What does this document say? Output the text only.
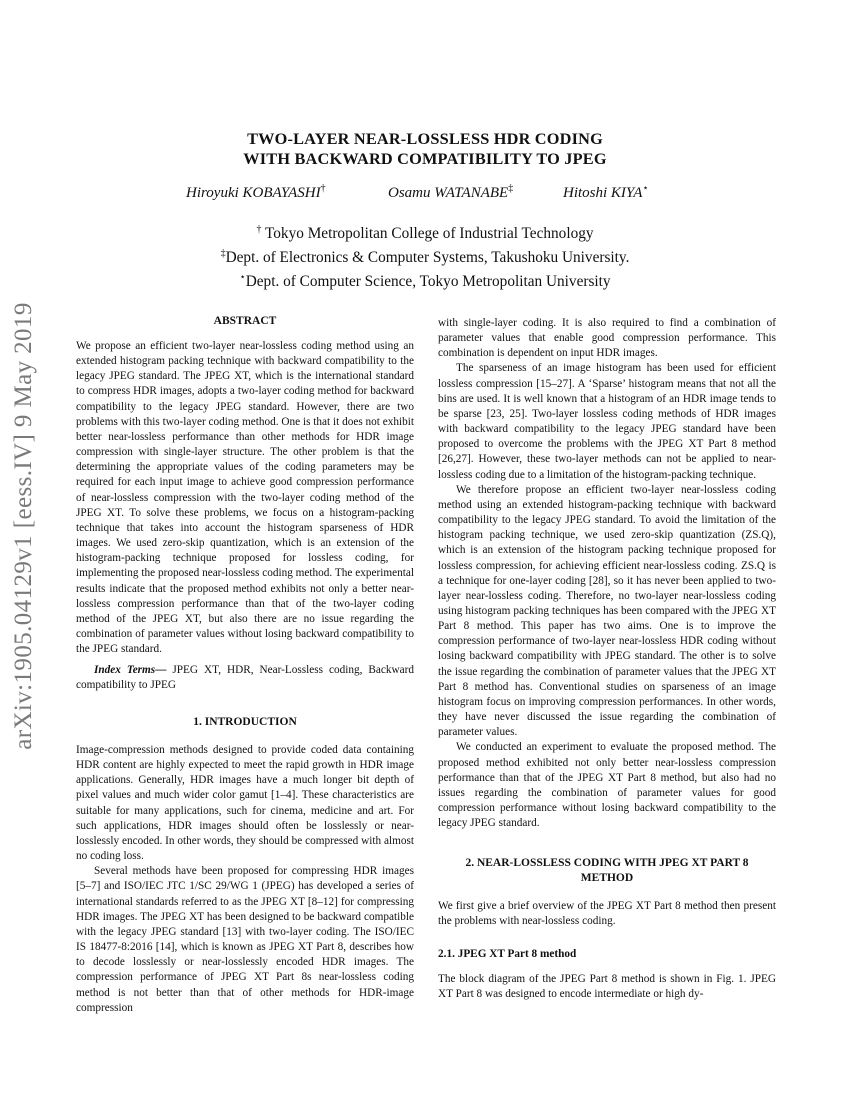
arXiv:1905.04129v1 [eess.IV] 9 May 2019
TWO-LAYER NEAR-LOSSLESS HDR CODING
WITH BACKWARD COMPATIBILITY TO JPEG
Hiroyuki KOBAYASHI†	Osamu WATANABE‡	Hitoshi KIYA⋆
† Tokyo Metropolitan College of Industrial Technology
‡Dept. of Electronics & Computer Systems, Takushoku University.
⋆Dept. of Computer Science, Tokyo Metropolitan University

ABSTRACT

We propose an efficient two-layer near-lossless coding method using an extended histogram packing technique with backward compatibility to the legacy JPEG standard. The JPEG XT, which is the international standard to compress HDR images, adopts a two-layer coding method for backward compatibility to the legacy JPEG standard. However, there are two problems with this two-layer coding method. One is that it does not exhibit better near-lossless performance than other methods for HDR image compression with single-layer structure. The other problem is that the determining the appropriate values of the coding parameters may be required for each input image to achieve good compression performance of near-lossless compression with the two-layer coding method of the JPEG XT. To solve these problems, we focus on a histogram-packing technique that takes into account the histogram sparseness of HDR images. We used zero-skip quantization, which is an extension of the histogram-packing technique proposed for lossless coding, for implementing the proposed near-lossless coding method. The experimental results indicate that the proposed method exhibits not only a better near-lossless compression performance than that of the two-layer coding method of the JPEG XT, but also there are no issue regarding the combination of parameter values without losing backward compatibility to the JPEG standard.

Index Terms— JPEG XT, HDR, Near-Lossless coding, Backward compatibility to JPEG

1. INTRODUCTION

Image-compression methods designed to provide coded data containing HDR content are highly expected to meet the rapid growth in HDR image applications. Generally, HDR images have a much longer bit depth of pixel values and much wider color gamut [1–4]. These characteristics are suitable for many applications, such for cinema, medicine and art. For such applications, HDR images should often be losslessly or near-losslessly encoded. In other words, they should be compressed with almost no coding loss.

Several methods have been proposed for compressing HDR images [5–7] and ISO/IEC JTC 1/SC 29/WG 1 (JPEG) has developed a series of international standards referred to as the JPEG XT [8–12] for compressing HDR images. The JPEG XT has been designed to be backward compatible with the legacy JPEG standard [13] with two-layer coding. The ISO/IEC IS 18477-8:2016 [14], which is known as JPEG XT Part 8, describes how to decode losslessly or near-losslessly encoded HDR images. The compression performance of JPEG XT Part 8s near-lossless coding method is not better than that of other methods for HDR-image compression

with single-layer coding. It is also required to find a combination of parameter values that enable good compression performance. This combination is dependent on input HDR images.

The sparseness of an image histogram has been used for efficient lossless compression [15–27]. A ‘Sparse’ histogram means that not all the bins are used. It is well known that a histogram of an HDR image tends to be sparse [23, 25]. Two-layer lossless coding methods of HDR images with backward compatibility to the legacy JPEG standard have been proposed to overcome the problems with the JPEG XT Part 8 method [26,27]. However, these two-layer methods can not be applied to near-lossless coding due to a limitation of the histogram-packing technique.

We therefore propose an efficient two-layer near-lossless coding method using an extended histogram-packing technique with backward compatibility to the legacy JPEG standard. To avoid the limitation of the histogram packing technique, we used zero-skip quantization (ZS.Q), which is an extension of the histogram packing technique proposed for lossless compression, for achieving efficient near-lossless coding. ZS.Q is a technique for one-layer coding [28], so it has never been applied to two-layer near-lossless coding. Therefore, no two-layer near-lossless coding using histogram packing techniques has been compared with the JPEG XT Part 8 method. This paper has two aims. One is to improve the compression performance of two-layer near-lossless HDR coding without losing backward compatibility with JPEG standard. The other is to solve the issue regarding the combination of parameter values that the JPEG XT Part 8 method has. Conventional studies on sparseness of an image histogram focus on improving compression performances. In other words, they have never discussed the issue regarding the combination of parameter values.

We conducted an experiment to evaluate the proposed method. The proposed method exhibited not only better near-lossless compression performance than that of the JPEG XT Part 8 method, but also had no issues regarding the combination of parameter values for good compression performance without losing backward compatibility to the legacy JPEG standard.

2. NEAR-LOSSLESS CODING WITH JPEG XT PART 8

METHOD

We first give a brief overview of the JPEG XT Part 8 method then present the problems with near-lossless coding.

2.1. JPEG XT Part 8 method

The block diagram of the JPEG Part 8 method is shown in Fig. 1. JPEG XT Part 8 was designed to encode intermediate or high dy-
